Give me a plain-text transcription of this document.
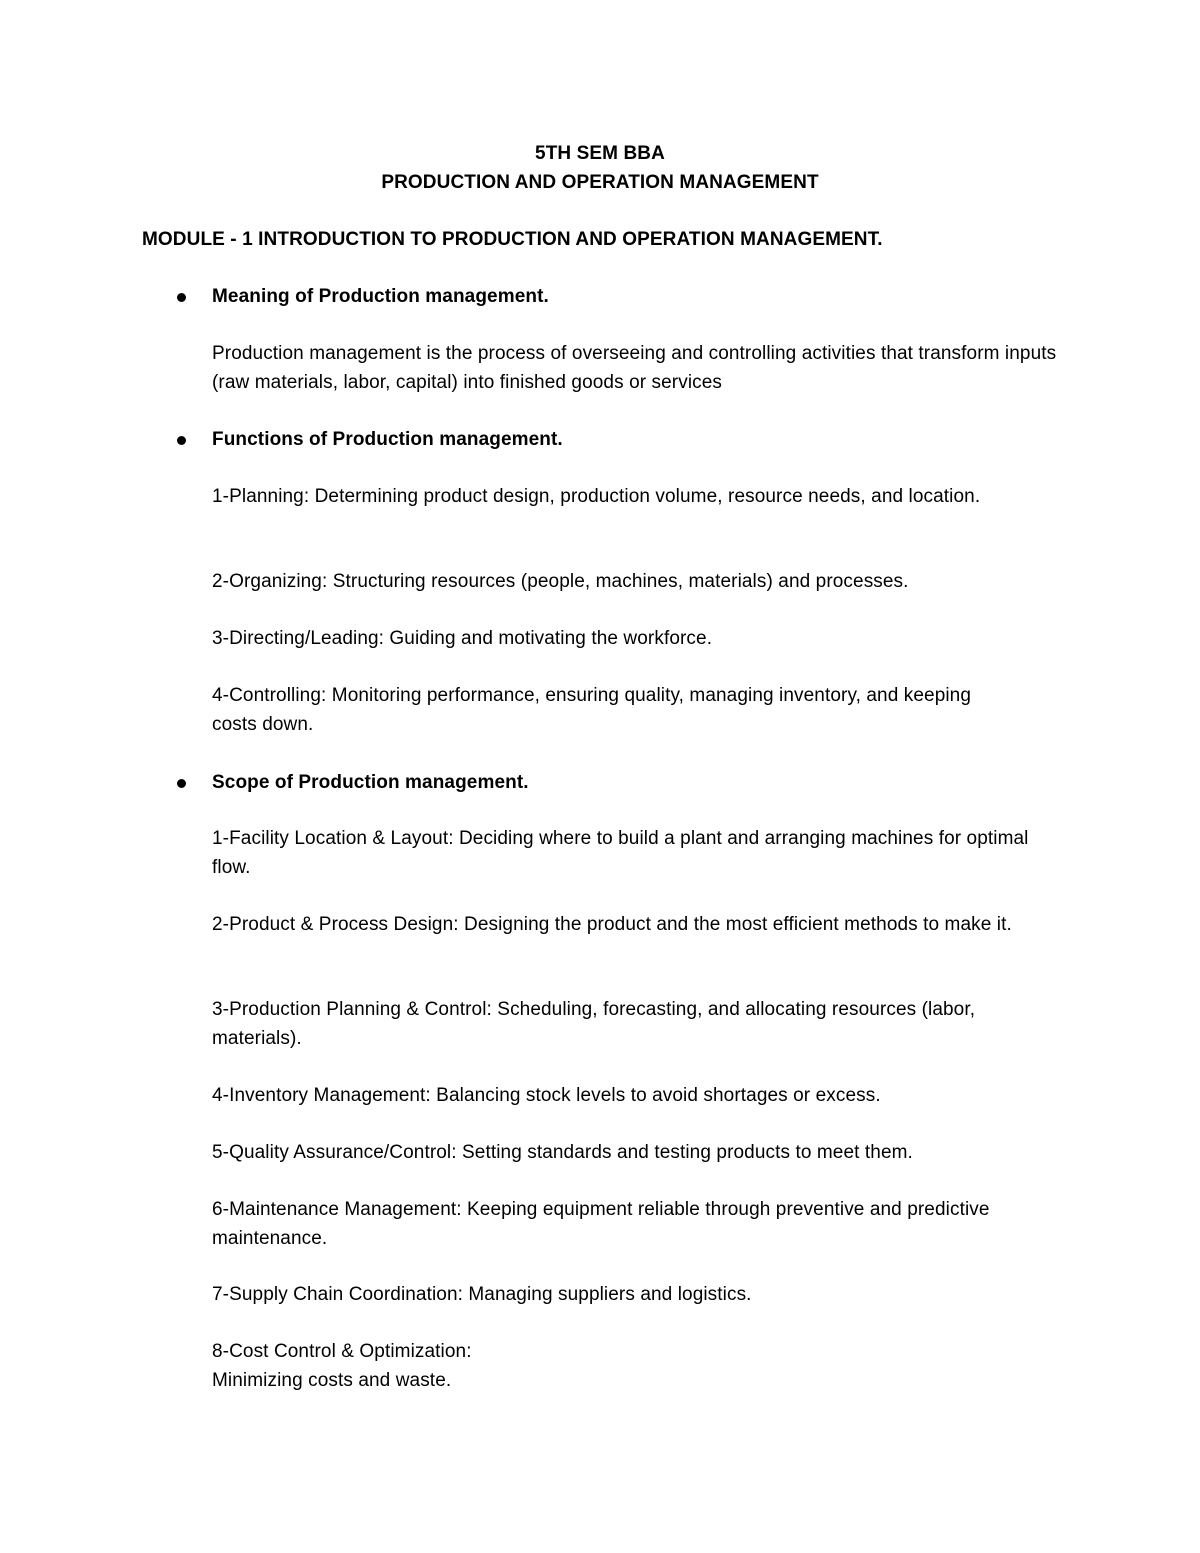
5TH SEM BBA
PRODUCTION AND OPERATION MANAGEMENT
MODULE - 1 INTRODUCTION TO PRODUCTION AND OPERATION MANAGEMENT.
Meaning of Production management.
Production management is the process of overseeing and controlling activities that transform inputs (raw materials, labor, capital) into finished goods or services
Functions of Production management.
1-Planning: Determining product design, production volume, resource needs, and location.
2-Organizing: Structuring resources (people, machines, materials) and processes.
3-Directing/Leading: Guiding and motivating the workforce.
4-Controlling: Monitoring performance, ensuring quality, managing inventory, and keeping costs down.
Scope of Production management.
1-Facility Location & Layout: Deciding where to build a plant and arranging machines for optimal flow.
2-Product & Process Design: Designing the product and the most efficient methods to make it.
3-Production Planning & Control: Scheduling, forecasting, and allocating resources (labor, materials).
4-Inventory Management: Balancing stock levels to avoid shortages or excess.
5-Quality Assurance/Control: Setting standards and testing products to meet them.
6-Maintenance Management: Keeping equipment reliable through preventive and predictive maintenance.
7-Supply Chain Coordination: Managing suppliers and logistics.
8-Cost Control & Optimization:
Minimizing costs and waste.
